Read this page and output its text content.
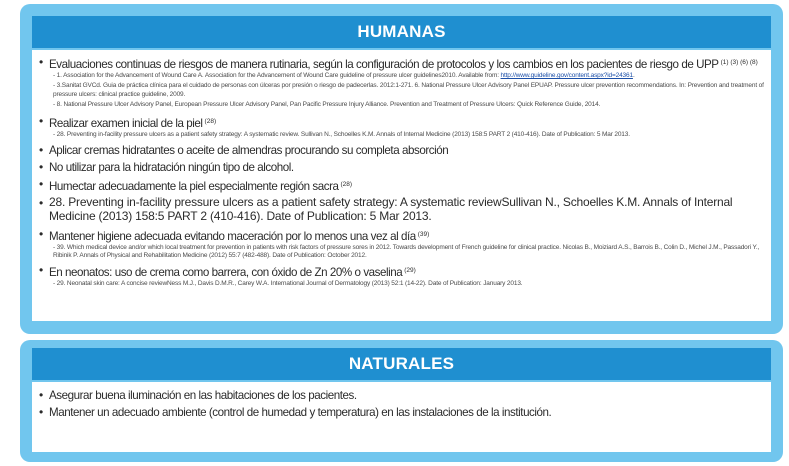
HUMANAS
• Evaluaciones continuas de riesgos de manera rutinaria, según la configuración de protocolos y los cambios en los pacientes de riesgo de UPP $^{(1) (3) (6) (8)}$
- 1. Association for the Advancement of Wound Care A. Association for the Advancement of Wound Care guideline of pressure ulcer guidelines2010. Available from: http://www.guideline.gov/content.aspx?id=24361.
- 3.Sanitat GVCd. Guia de práctica clínica para el cuidado de personas con úlceras por presión o riesgo de padecerlas. 2012:1-271. 6. National Pressure Ulcer Advisory Panel EPUAP. Pressure ulcer prevention recommendations. In: Prevention and treatment of pressure ulcers: clinical practice guideline, 2009.
- 8. National Pressure Ulcer Advisory Panel, European Pressure Ulcer Advisory Panel, Pan Pacific Pressure Injury Alliance. Prevention and Treatment of Pressure Ulcers: Quick Reference Guide, 2014.
• Realizar examen inicial de la piel $^{(28)}$
- 28. Preventing in-facility pressure ulcers as a patient safety strategy: A systematic review. Sullivan N., Schoelles K.M. Annals of Internal Medicine (2013) 158:5 PART 2 (410-416). Date of Publication: 5 Mar 2013.
• Aplicar cremas hidratantes o aceite de almendras procurando su completa absorción
• No utilizar para la hidratación ningún tipo de alcohol.
• Humectar adecuadamente la piel especialmente región sacra $^{(28)}$
• 28. Preventing in-facility pressure ulcers as a patient safety strategy: A systematic reviewSullivan N., Schoelles K.M. Annals of Internal Medicine (2013) 158:5 PART 2 (410-416). Date of Publication: 5 Mar 2013.
• Mantener higiene adecuada evitando maceración por lo menos una vez al día $^{(39)}$
- 39. Which medical device and/or which local treatment for prevention in patients with risk factors of pressure sores in 2012. Towards development of French guideline for clinical practice. Nicolas B., Moiziard A.S., Barrois B., Colin D., Michel J.M., Passadori Y., Ribinik P. Annals of Physical and Rehabilitation Medicine (2012) 55:7 (482-488). Date of Publication: October 2012.
• En neonatos: uso de crema como barrera, con óxido de Zn 20% o vaselina $^{(29)}$
- 29. Neonatal skin care: A concise reviewNess M.J., Davis D.M.R., Carey W.A. International Journal of Dermatology (2013) 52:1 (14-22). Date of Publication: January 2013.
NATURALES
• Asegurar buena iluminación en las habitaciones de los pacientes.
• Mantener un adecuado ambiente (control de humedad y temperatura) en las instalaciones de la institución.
